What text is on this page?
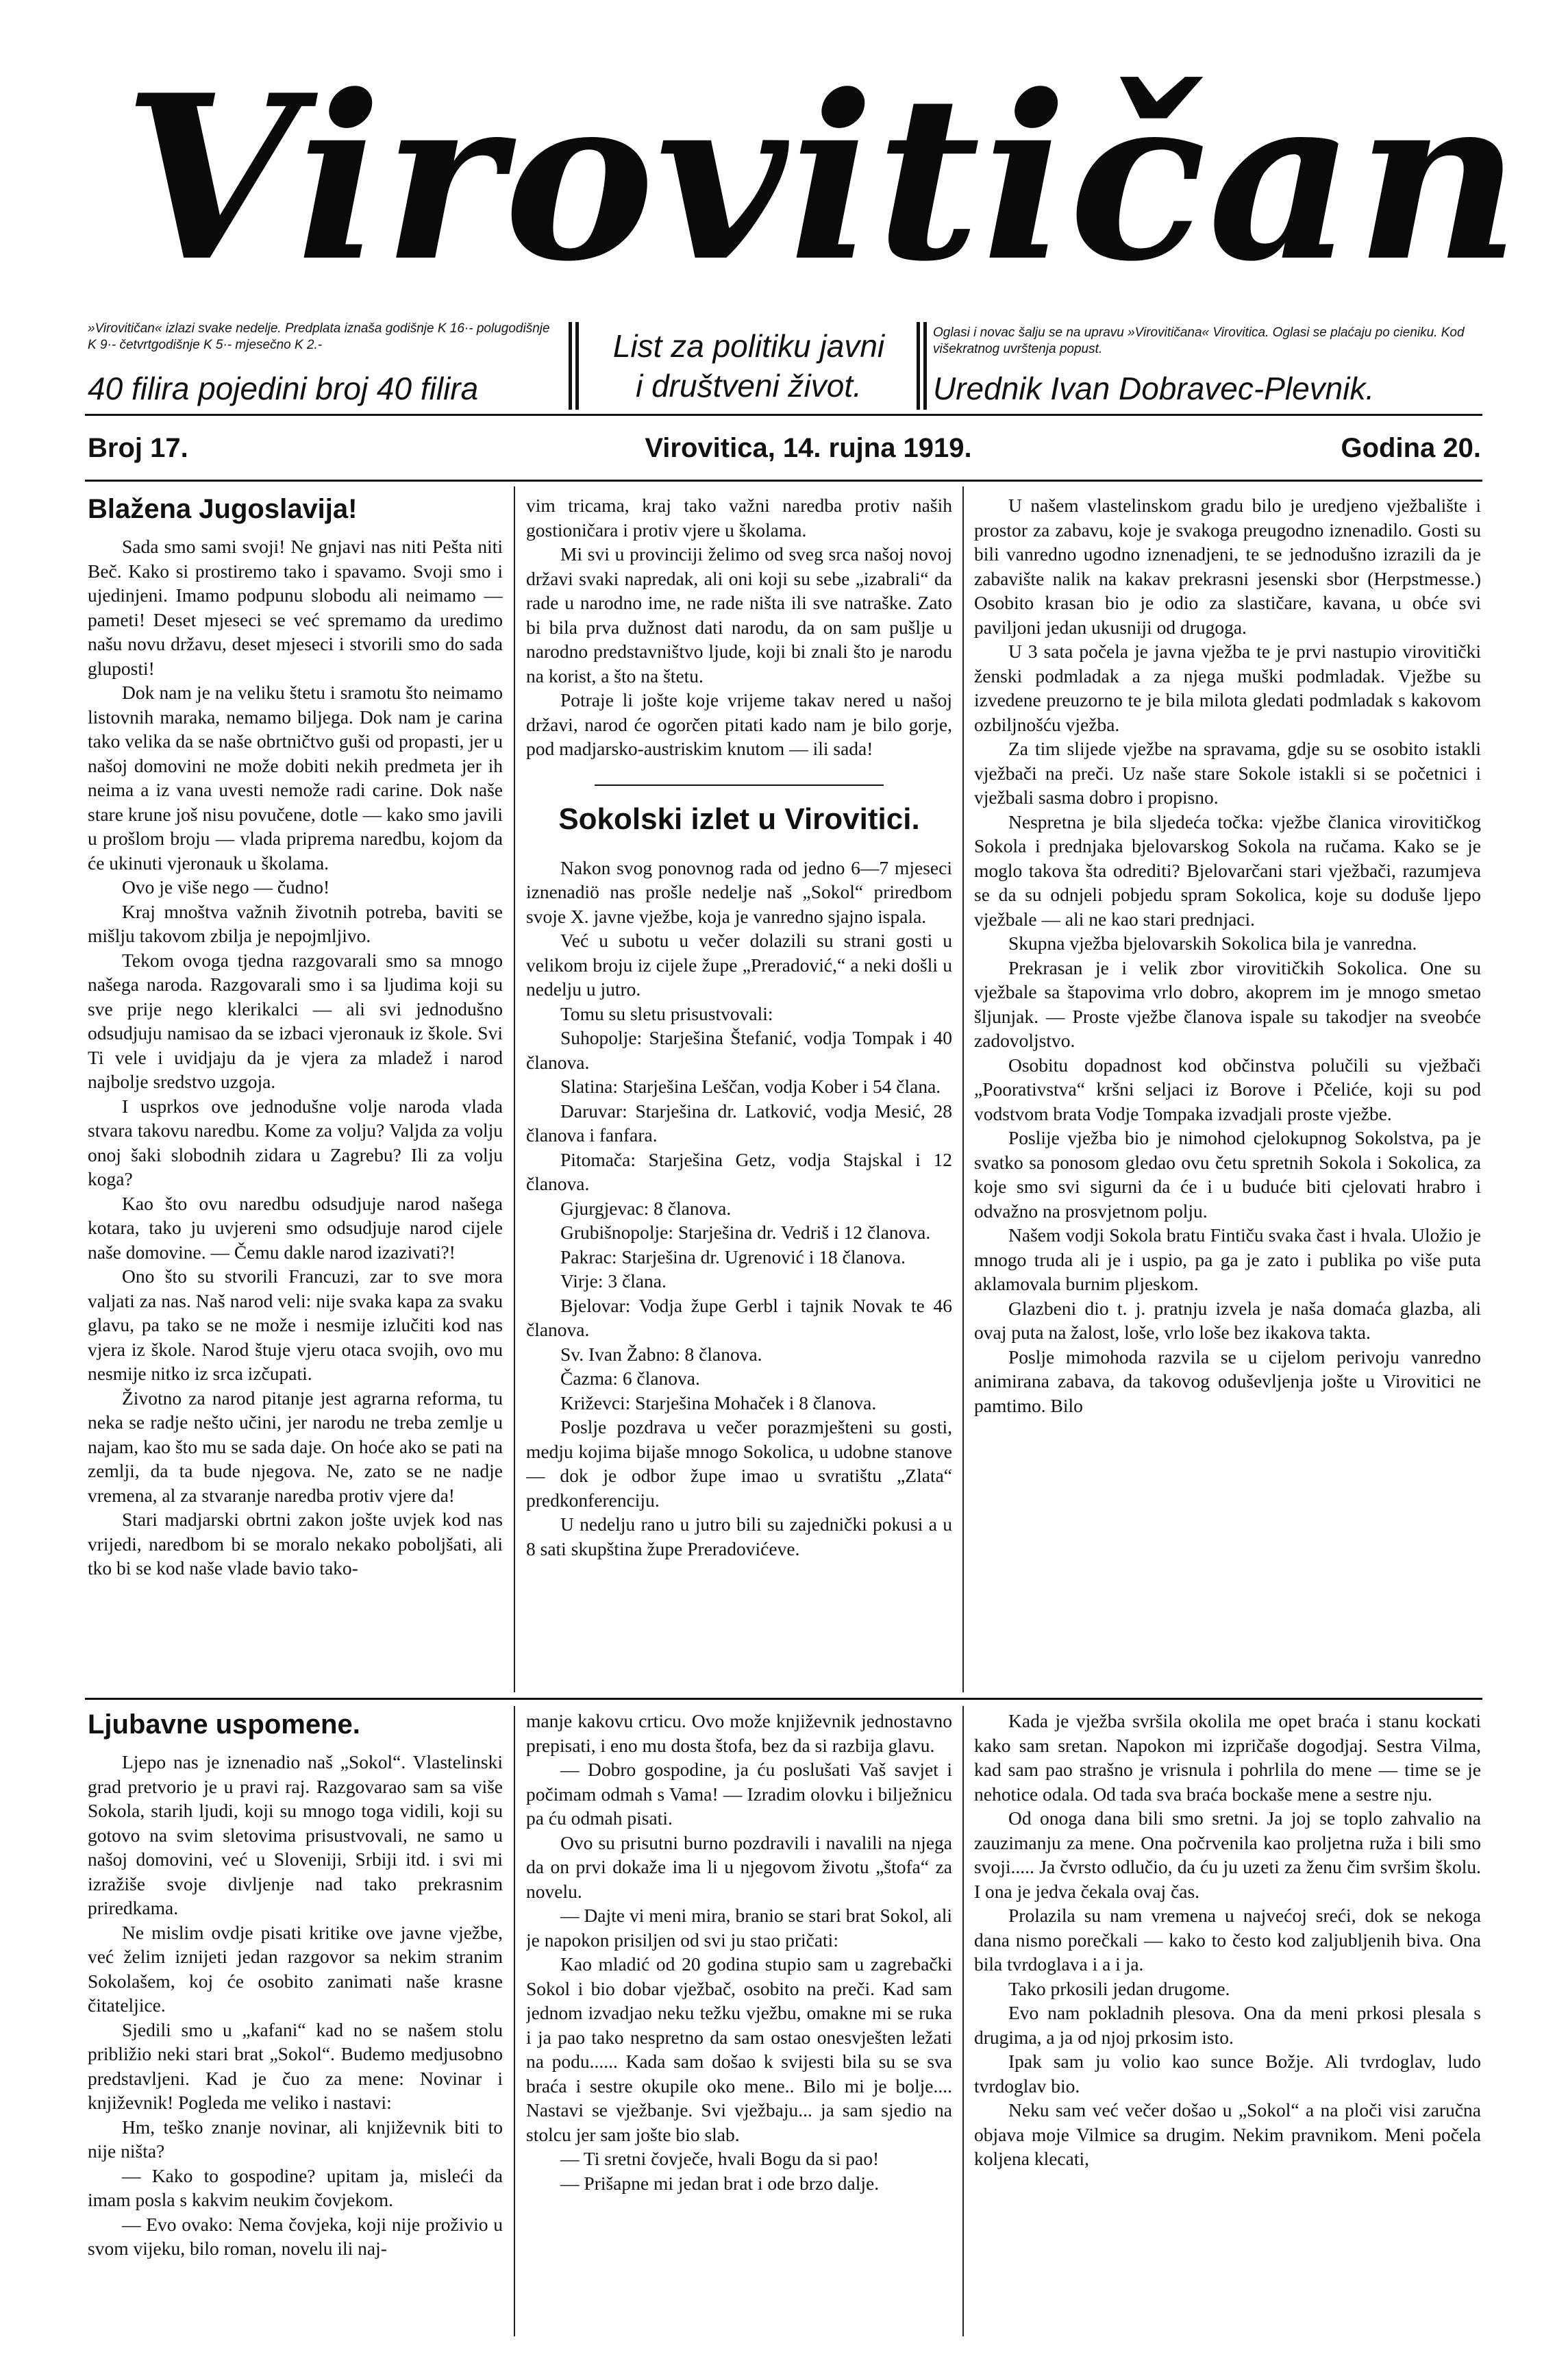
Virovitičan
»Virovitičan« izlazi svake nedelje. Predplata iznaša godišnje K 16·- polugodišnje K 9·- četvrtgodišnje K 5·- mjesečno K 2.-
40 filira pojedini broj 40 filira
List za politiku javni
i društveni život.
Oglasi i novac šalju se na upravu »Virovitičana« Virovitica. Oglasi se plaćaju po cieniku. Kod višekratnog uvrštenja popust.
Urednik Ivan Dobravec-Plevnik.
Broj 17.	Virovitica, 14. rujna 1919.	Godina 20.
Blažena Jugoslavija!

Sada smo sami svoji! Ne gnjavi nas niti Pešta niti Beč. Kako si prostiremo tako i spavamo. Svoji smo i ujedinjeni. Imamo podpunu slobodu ali neimamo — pameti! Deset mjeseci se već spremamo da uredimo našu novu državu, deset mjeseci i stvorili smo do sada gluposti!

Dok nam je na veliku štetu i sramotu što neimamo listovnih maraka, nemamo biljega. Dok nam je carina tako velika da se naše obrtničtvo guši od propasti, jer u našoj domovini ne može dobiti nekih predmeta jer ih neima a iz vana uvesti nemože radi carine. Dok naše stare krune još nisu povučene, dotle — kako smo javili u prošlom broju — vlada priprema naredbu, kojom da će ukinuti vjeronauk u školama.

Ovo je više nego — čudno!

Kraj mnoštva važnih životnih potreba, baviti se mišlju takovom zbilja je nepojmljivo.

Tekom ovoga tjedna razgovarali smo sa mnogo našega naroda. Razgovarali smo i sa ljudima koji su sve prije nego klerikalci — ali svi jednodušno odsudjuju namisao da se izbaci vjeronauk iz škole. Svi Ti vele i uvidjaju da je vjera za mladež i narod najbolje sredstvo uzgoja.

I usprkos ove jednodušne volje naroda vlada stvara takovu naredbu. Kome za volju? Valjda za volju onoj šaki slobodnih zidara u Zagrebu? Ili za volju koga?

Kao što ovu naredbu odsudjuje narod našega kotara, tako ju uvjereni smo odsudjuje narod cijele naše domovine. — Čemu dakle narod izazivati?!

Ono što su stvorili Francuzi, zar to sve mora valjati za nas. Naš narod veli: nije svaka kapa za svaku glavu, pa tako se ne može i nesmije izlučiti kod nas vjera iz škole. Narod štuje vjeru otaca svojih, ovo mu nesmije nitko iz srca izčupati.

Životno za narod pitanje jest agrarna reforma, tu neka se radje nešto učini, jer narodu ne treba zemlje u najam, kao što mu se sada daje. On hoće ako se pati na zemlji, da ta bude njegova. Ne, zato se ne nadje vremena, al za stvaranje naredba protiv vjere da!

Stari madjarski obrtni zakon jošte uvjek kod nas vrijedi, naredbom bi se moralo nekako poboljšati, ali tko bi se kod naše vlade bavio tako-

vim tricama, kraj tako važni naredba protiv naših gostioničara i protiv vjere u školama.

Mi svi u provinciji želimo od sveg srca našoj novoj državi svaki napredak, ali oni koji su sebe „izabrali“ da rade u narodno ime, ne rade ništa ili sve natraške. Zato bi bila prva dužnost dati narodu, da on sam pušlje u narodno predstavništvo ljude, koji bi znali što je narodu na korist, a što na štetu.

Potraje li jošte koje vrijeme takav nered u našoj državi, narod će ogorčen pitati kado nam je bilo gorje, pod madjarsko-austriskim knutom — ili sada!

Sokolski izlet u Virovitici.

Nakon svog ponovnog rada od jedno 6—7 mjeseci iznenadiö nas prošle nedelje naš „Sokol“ priredbom svoje X. javne vježbe, koja je vanredno sjajno ispala.

Već u subotu u večer dolazili su strani gosti u velikom broju iz cijele župe „Preradović,“ a neki došli u nedelju u jutro.

Tomu su sletu prisustvovali:

Suhopolje: Starješina Štefanić, vodja Tompak i 40 članova.

Slatina: Starješina Leščan, vodja Kober i 54 člana.

Daruvar: Starješina dr. Latković, vodja Mesić, 28 članova i fanfara.

Pitomača: Starješina Getz, vodja Stajskal i 12 članova.

Gjurgjevac: 8 članova.

Grubišnopolje: Starješina dr. Vedriš i 12 članova.

Pakrac: Starješina dr. Ugrenović i 18 članova.

Virje: 3 člana.

Bjelovar: Vodja župe Gerbl i tajnik Novak te 46 članova.

Sv. Ivan Žabno: 8 članova.

Čazma: 6 članova.

Križevci: Starješina Mohaček i 8 članova.

Poslje pozdrava u večer porazmješteni su gosti, medju kojima bijaše mnogo Sokolica, u udobne stanove — dok je odbor župe imao u svratištu „Zlata“ predkonferenciju.

U nedelju rano u jutro bili su zajednički pokusi a u 8 sati skupština župe Preradovićeve.

U našem vlastelinskom gradu bilo je uredjeno vježbalište i prostor za zabavu, koje je svakoga preugodno iznenadilo. Gosti su bili vanredno ugodno iznenadjeni, te se jednodušno izrazili da je zabavište nalik na kakav prekrasni jesenski sbor (Herpstmesse.) Osobito krasan bio je odio za slastičare, kavana, u obće svi paviljoni jedan ukusniji od drugoga.

U 3 sata počela je javna vježba te je prvi nastupio virovitički ženski podmladak a za njega muški podmladak. Vježbe su izvedene preuzorno te je bila milota gledati podmladak s kakovom ozbiljnošću vježba.

Za tim slijede vježbe na spravama, gdje su se osobito istakli vježbači na preči. Uz naše stare Sokole istakli si se početnici i vježbali sasma dobro i propisno.

Nespretna je bila sljedeća točka: vježbe članica virovitičkog Sokola i prednjaka bjelovarskog Sokola na ručama. Kako se je moglo takova šta odrediti? Bjelovarčani stari vježbači, razumjeva se da su odnjeli pobjedu spram Sokolica, koje su doduše ljepo vježbale — ali ne kao stari prednjaci.

Skupna vježba bjelovarskih Sokolica bila je vanredna.

Prekrasan je i velik zbor virovitičkih Sokolica. One su vježbale sa štapovima vrlo dobro, akoprem im je mnogo smetao šljunjak. — Proste vježbe članova ispale su takodjer na sveobće zadovoljstvo.

Osobitu dopadnost kod občinstva polučili su vježbači „Poorativstva“ kršni seljaci iz Borove i Pčeliće, koji su pod vodstvom brata Vodje Tompaka izvadjali proste vježbe.

Poslije vježba bio je nimohod cjelokupnog Sokolstva, pa je svatko sa ponosom gledao ovu četu spretnih Sokola i Sokolica, za koje smo svi sigurni da će i u buduće biti cjelovati hrabro i odvažno na prosvjetnom polju.

Našem vodji Sokola bratu Fintiču svaka čast i hvala. Uložio je mnogo truda ali je i uspio, pa ga je zato i publika po više puta aklamovala burnim pljeskom.

Glazbeni dio t. j. pratnju izvela je naša domaća glazba, ali ovaj puta na žalost, loše, vrlo loše bez ikakova takta.

Poslje mimohoda razvila se u cijelom perivoju vanredno animirana zabava, da takovog oduševljenja jošte u Virovitici ne pamtimo. Bilo

Ljubavne uspomene.

Ljepo nas je iznenadio naš „Sokol“. Vlastelinski grad pretvorio je u pravi raj. Razgovarao sam sa više Sokola, starih ljudi, koji su mnogo toga vidili, koji su gotovo na svim sletovima prisustvovali, ne samo u našoj domovini, već u Sloveniji, Srbiji itd. i svi mi izražiše svoje divljenje nad tako prekrasnim priredkama.

Ne mislim ovdje pisati kritike ove javne vježbe, već želim iznijeti jedan razgovor sa nekim stranim Sokolašem, koj će osobito zanimati naše krasne čitateljice.

Sjedili smo u „kafani“ kad no se našem stolu približio neki stari brat „Sokol“. Budemo medjusobno predstavljeni. Kad je čuo za mene: Novinar i književnik! Pogleda me veliko i nastavi:

Hm, teško znanje novinar, ali književnik biti to nije ništa?

— Kako to gospodine? upitam ja, misleći da imam posla s kakvim neukim čovjekom.

— Evo ovako: Nema čovjeka, koji nije proživio u svom vijeku, bilo roman, novelu ili naj-

manje kakovu crticu. Ovo može književnik jednostavno prepisati, i eno mu dosta štofa, bez da si razbija glavu.

— Dobro gospodine, ja ću poslušati Vaš savjet i počimam odmah s Vama! — Izradim olovku i bilježnicu pa ću odmah pisati.

Ovo su prisutni burno pozdravili i navalili na njega da on prvi dokaže ima li u njegovom životu „štofa“ za novelu.

— Dajte vi meni mira, branio se stari brat Sokol, ali je napokon prisiljen od svi ju stao pričati:

Kao mladić od 20 godina stupio sam u zagrebački Sokol i bio dobar vježbač, osobito na preči. Kad sam jednom izvadjao neku težku vježbu, omakne mi se ruka i ja pao tako nespretno da sam ostao onesvješten ležati na podu...... Kada sam došao k svijesti bila su se sva braća i sestre okupile oko mene.. Bilo mi je bolje.... Nastavi se vježbanje. Svi vježbaju... ja sam sjedio na stolcu jer sam jošte bio slab.

— Ti sretni čovječe, hvali Bogu da si pao!

— Prišapne mi jedan brat i ode brzo dalje.

Kada je vježba svršila okolila me opet braća i stanu kockati kako sam sretan. Napokon mi izpričaše dogodjaj. Sestra Vilma, kad sam pao strašno je vrisnula i pohrlila do mene — time se je nehotice odala. Od tada sva braća bockaše mene a sestre nju.

Od onoga dana bili smo sretni. Ja joj se toplo zahvalio na zauzimanju za mene. Ona počrvenila kao proljetna ruža i bili smo svoji..... Ja čvrsto odlučio, da ću ju uzeti za ženu čim svršim školu. I ona je jedva čekala ovaj čas.

Prolazila su nam vremena u najvećoj sreći, dok se nekoga dana nismo porečkali — kako to često kod zaljubljenih biva. Ona bila tvrdoglava i a i ja.

Tako prkosili jedan drugome.

Evo nam pokladnih plesova. Ona da meni prkosi plesala s drugima, a ja od njoj prkosim isto.

Ipak sam ju volio kao sunce Božje. Ali tvrdoglav, ludo tvrdoglav bio.

Neku sam već večer došao u „Sokol“ a na ploči visi zaručna objava moje Vilmice sa drugim. Nekim pravnikom. Meni počela koljena klecati,
